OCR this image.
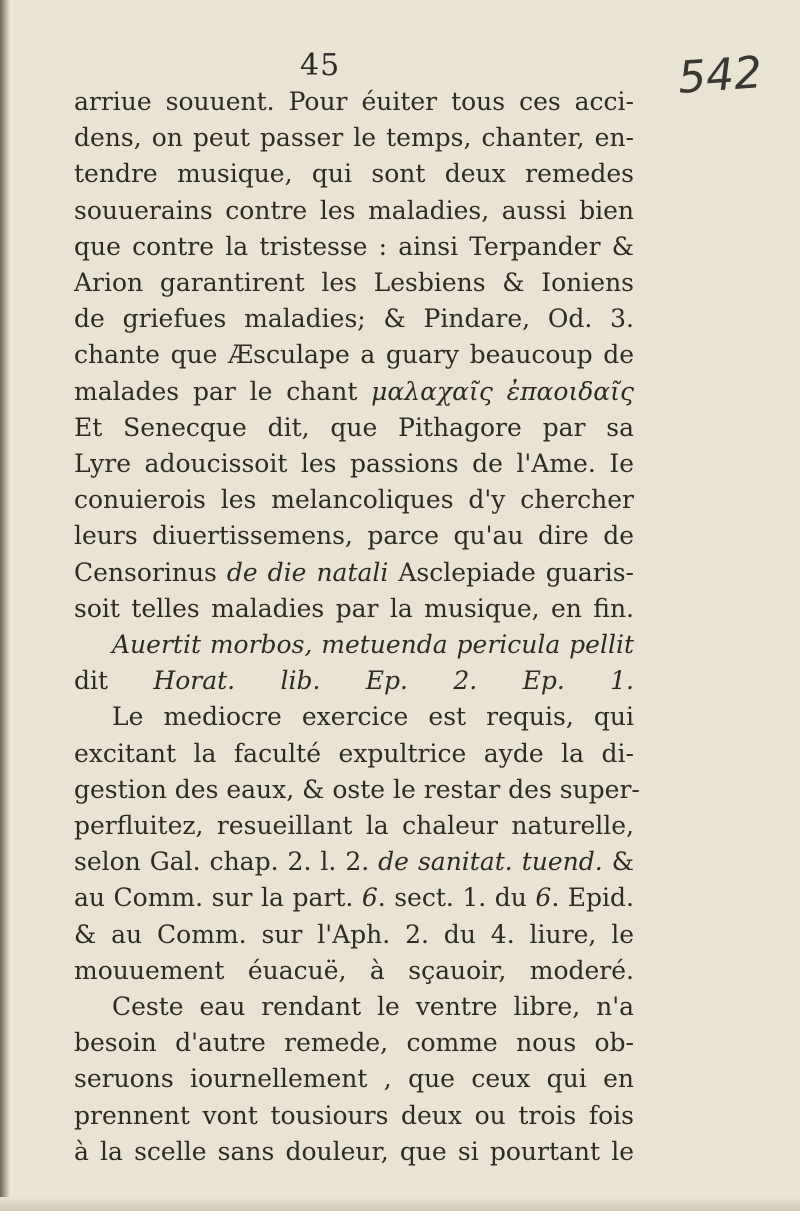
45	542
arriue souuent. Pour éuiter tous ces acci-
dens, on peut passer le temps, chanter, en-
tendre musique, qui sont deux remedes
souuerains contre les maladies, aussi bien
que contre la tristesse : ainsi Terpander &
Arion garantirent les Lesbiens & Ioniens
de griefues maladies; & Pindare, Od. 3.
chante que Æsculape a guary beaucoup de
malades par le chant μαλαχαῖς ἐπαοιδαῖς
Et Senecque dit, que Pithagore par sa
Lyre adoucissoit les passions de l'Ame. Ie
conuierois les melancoliques d'y chercher
leurs diuertissemens, parce qu'au dire de
Censorinus de die natali Asclepiade guaris-
soit telles maladies par la musique, en fin.
Auertit morbos, metuenda pericula pellit
dit Horat. lib. Ep. 2. Ep. 1.
Le mediocre exercice est requis, qui
excitant la faculté expultrice ayde la di-
gestion des eaux, & oste le restar des super-
perfluitez, resueillant la chaleur naturelle,
selon Gal. chap. 2. l. 2. de sanitat. tuend. &
au Comm. sur la part. 6. sect. 1. du 6. Epid.
& au Comm. sur l'Aph. 2. du 4. liure, le
mouuement éuacuë, à sçauoir, moderé.
Ceste eau rendant le ventre libre, n'a
besoin d'autre remede, comme nous ob-
seruons iournellement , que ceux qui en
prennent vont tousiours deux ou trois fois
à la scelle sans douleur, que si pourtant le
